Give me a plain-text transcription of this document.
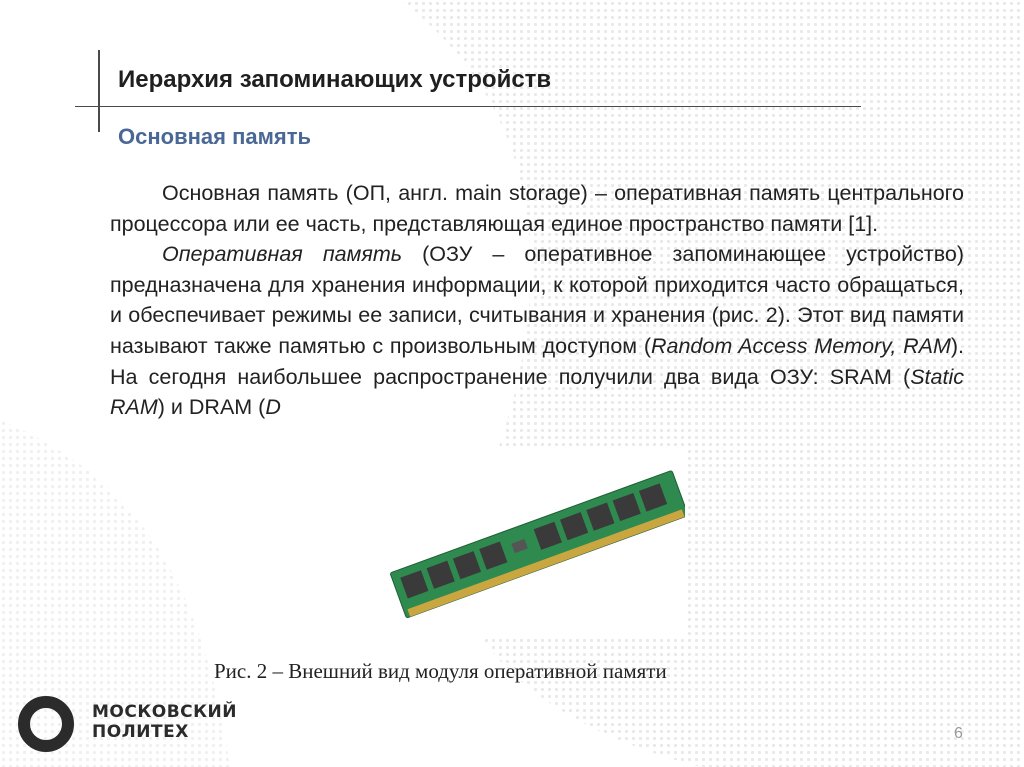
Иерархия запоминающих устройств
Основная память

Основная память (ОП, англ. main storage) – оперативная память центрального процессора или ее часть, представляющая единое пространство памяти [1].

Оперативная память (ОЗУ – оперативное запоминающее устройство) предназначена для хранения информации, к которой приходится часто обращаться, и обеспечивает режимы ее записи, считывания и хранения (рис. 2). Этот вид памяти называют также памятью с произвольным доступом (Random Access Memory, RAM). На сегодня наибольшее распространение получили два вида ОЗУ: SRAM (Static RAM) и DRAM (D

Рис. 2 – Внешний вид модуля оперативной памяти
МОСКОВСКИЙ
ПОЛИТЕХ	6
